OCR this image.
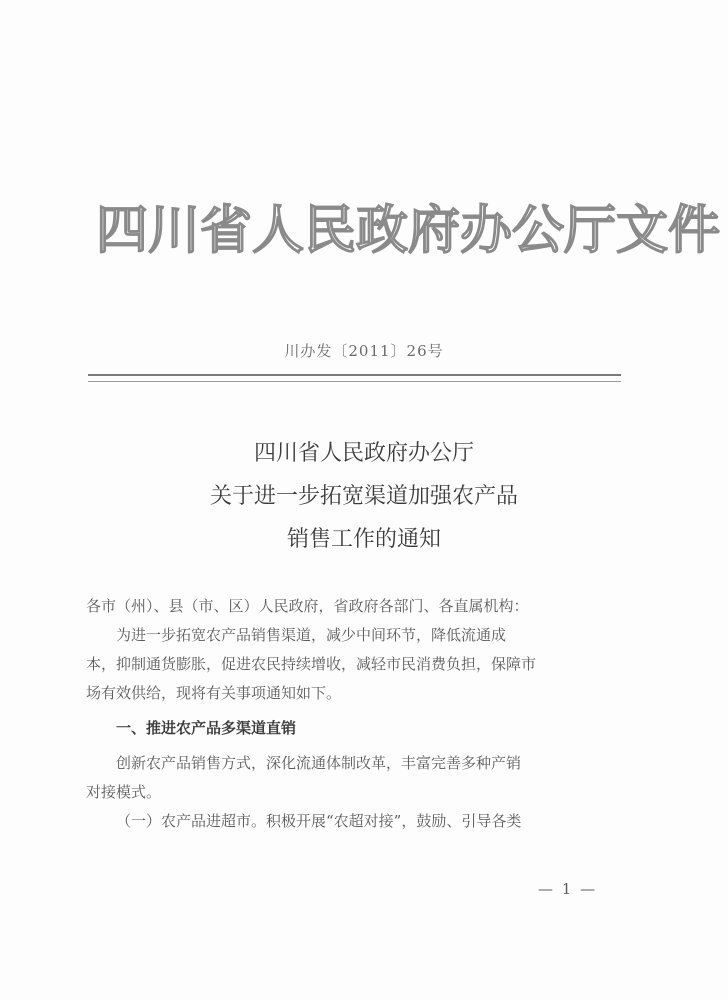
四川省人民政府办公厅文件
川办发〔2011〕26号
四川省人民政府办公厅
关于进一步拓宽渠道加强农产品
销售工作的通知

各市（州）、县（市、区）人民政府，省政府各部门、各直属机构：

为进一步拓宽农产品销售渠道，减少中间环节，降低流通成

本，抑制通货膨胀，促进农民持续增收，减轻市民消费负担，保障市

场有效供给，现将有关事项通知如下。

一、推进农产品多渠道直销

创新农产品销售方式，深化流通体制改革，丰富完善多种产销

对接模式。

（一）农产品进超市。积极开展“农超对接”，鼓励、引导各类

— 1 —
